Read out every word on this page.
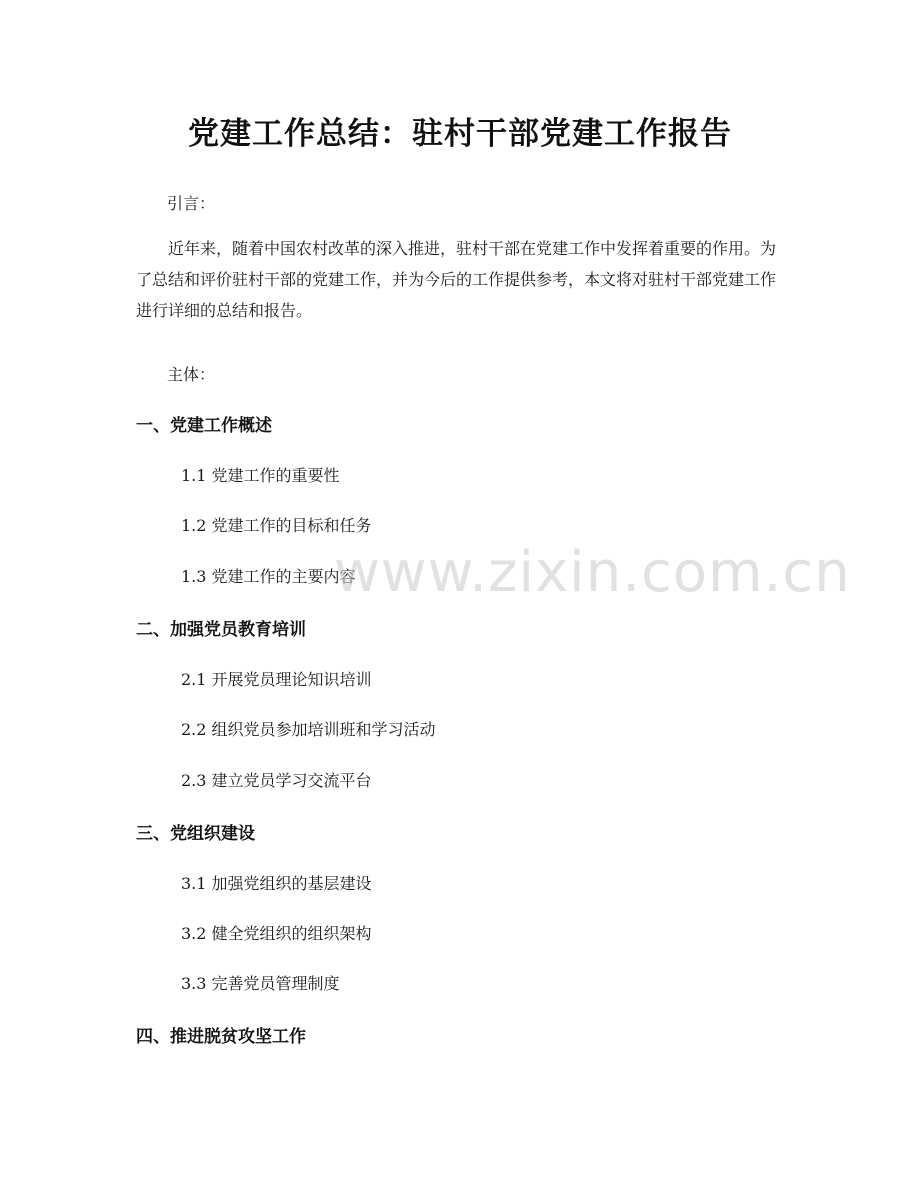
党建工作总结：驻村干部党建工作报告
引言：

近年来，随着中国农村改革的深入推进，驻村干部在党建工作中发挥着重要的作用。为了总结和评价驻村干部的党建工作，并为今后的工作提供参考，本文将对驻村干部党建工作进行详细的总结和报告。

主体：
一、党建工作概述
1.1 党建工作的重要性
1.2 党建工作的目标和任务
1.3 党建工作的主要内容
二、加强党员教育培训
2.1 开展党员理论知识培训
2.2 组织党员参加培训班和学习活动
2.3 建立党员学习交流平台
三、党组织建设
3.1 加强党组织的基层建设
3.2 健全党组织的组织架构
3.3 完善党员管理制度
四、推进脱贫攻坚工作
www.zixin.com.cn
